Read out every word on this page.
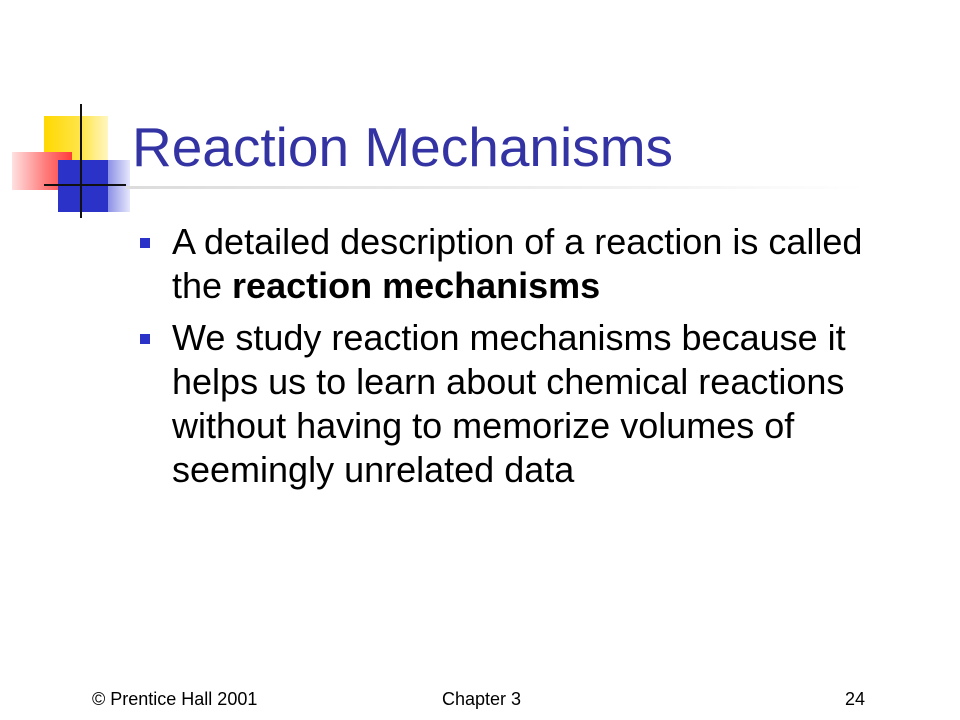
Reaction Mechanisms
A detailed description of a reaction is called the reaction mechanisms
We study reaction mechanisms because it helps us to learn about chemical reactions without having to memorize volumes of seemingly unrelated data
© Prentice Hall 2001	Chapter 3	24
